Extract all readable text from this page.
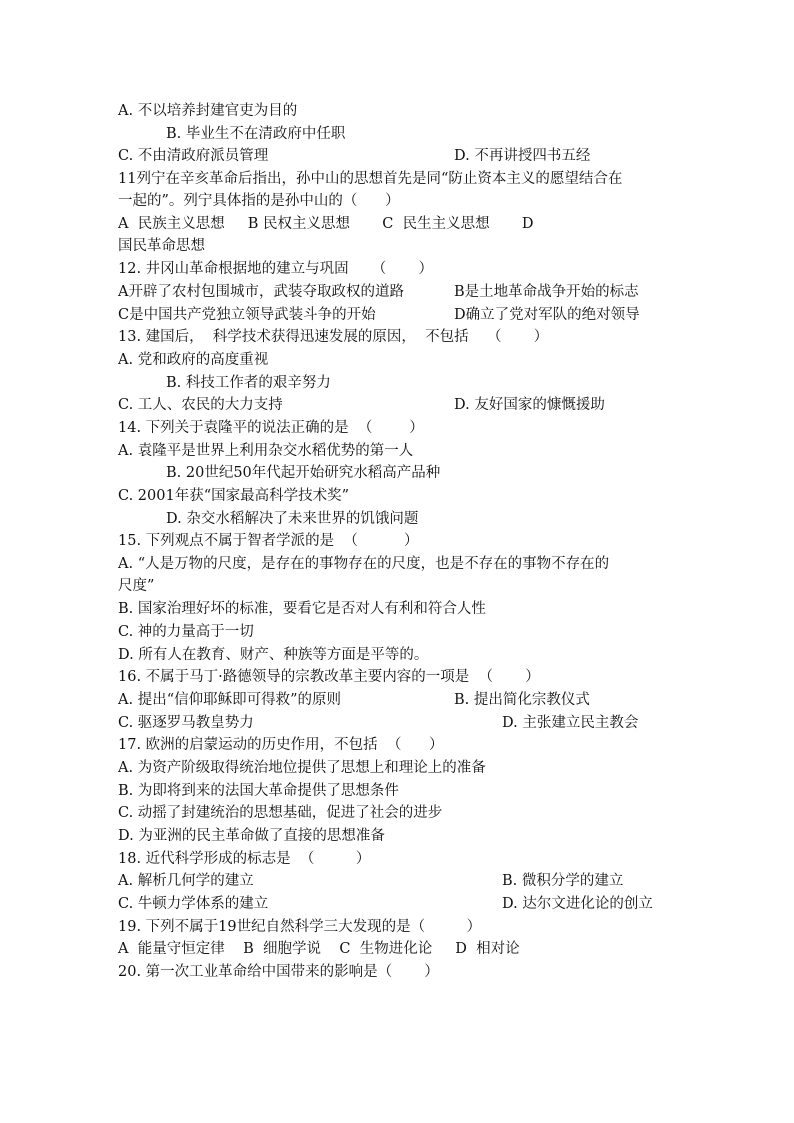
A. 不以培养封建官吏为目的
B. 毕业生不在清政府中任职
C. 不由清政府派员管理	D. 不再讲授四书五经
11列宁在辛亥革命后指出，孙中山的思想首先是同“防止资本主义的愿望结合在
一起的”。列宁具体指的是孙中山的（      ）
A  民族主义思想     B 民权主义思想       C  民生主义思想       D
国民革命思想
12. 井冈山革命根据地的建立与巩固     （       ）
A开辟了农村包围城市，武装夺取政权的道路	B是土地革命战争开始的标志
C是中国共产党独立领导武装斗争的开始	D确立了党对军队的绝对领导
13. 建国后，  科学技术获得迅速发展的原因，  不包括    （       ）
A. 党和政府的高度重视
B. 科技工作者的艰辛努力
C. 工人、农民的大力支持	D. 友好国家的慷慨援助
14. 下列关于袁隆平的说法正确的是  （        ）
A. 袁隆平是世界上利用杂交水稻优势的第一人
B. 20世纪50年代起开始研究水稻高产品种
C. 2001年获“国家最高科学技术奖”
D. 杂交水稻解决了未来世界的饥饿问题
15. 下列观点不属于智者学派的是  （          ）
A. “人是万物的尺度，是存在的事物存在的尺度，也是不存在的事物不存在的
尺度”
B. 国家治理好坏的标准，要看它是否对人有利和符合人性
C. 神的力量高于一切
D. 所有人在教育、财产、种族等方面是平等的。
16. 不属于马丁·路德领导的宗教改革主要内容的一项是  （       ）
A. 提出“信仰耶稣即可得救”的原则	B. 提出简化宗教仪式
C. 驱逐罗马教皇势力	D. 主张建立民主教会
17. 欧洲的启蒙运动的历史作用，不包括  （      ）
A. 为资产阶级取得统治地位提供了思想上和理论上的准备
B. 为即将到来的法国大革命提供了思想条件
C. 动摇了封建统治的思想基础，促进了社会的进步
D. 为亚洲的民主革命做了直接的思想准备
18. 近代科学形成的标志是  （         ）
A. 解析几何学的建立	B. 微积分学的建立
C. 牛顿力学体系的建立	D. 达尔文进化论的创立
19. 下列不属于19世纪自然科学三大发现的是（         ）
A  能量守恒定律    B  细胞学说    C  生物进化论     D  相对论
20. 第一次工业革命给中国带来的影响是（       ）
